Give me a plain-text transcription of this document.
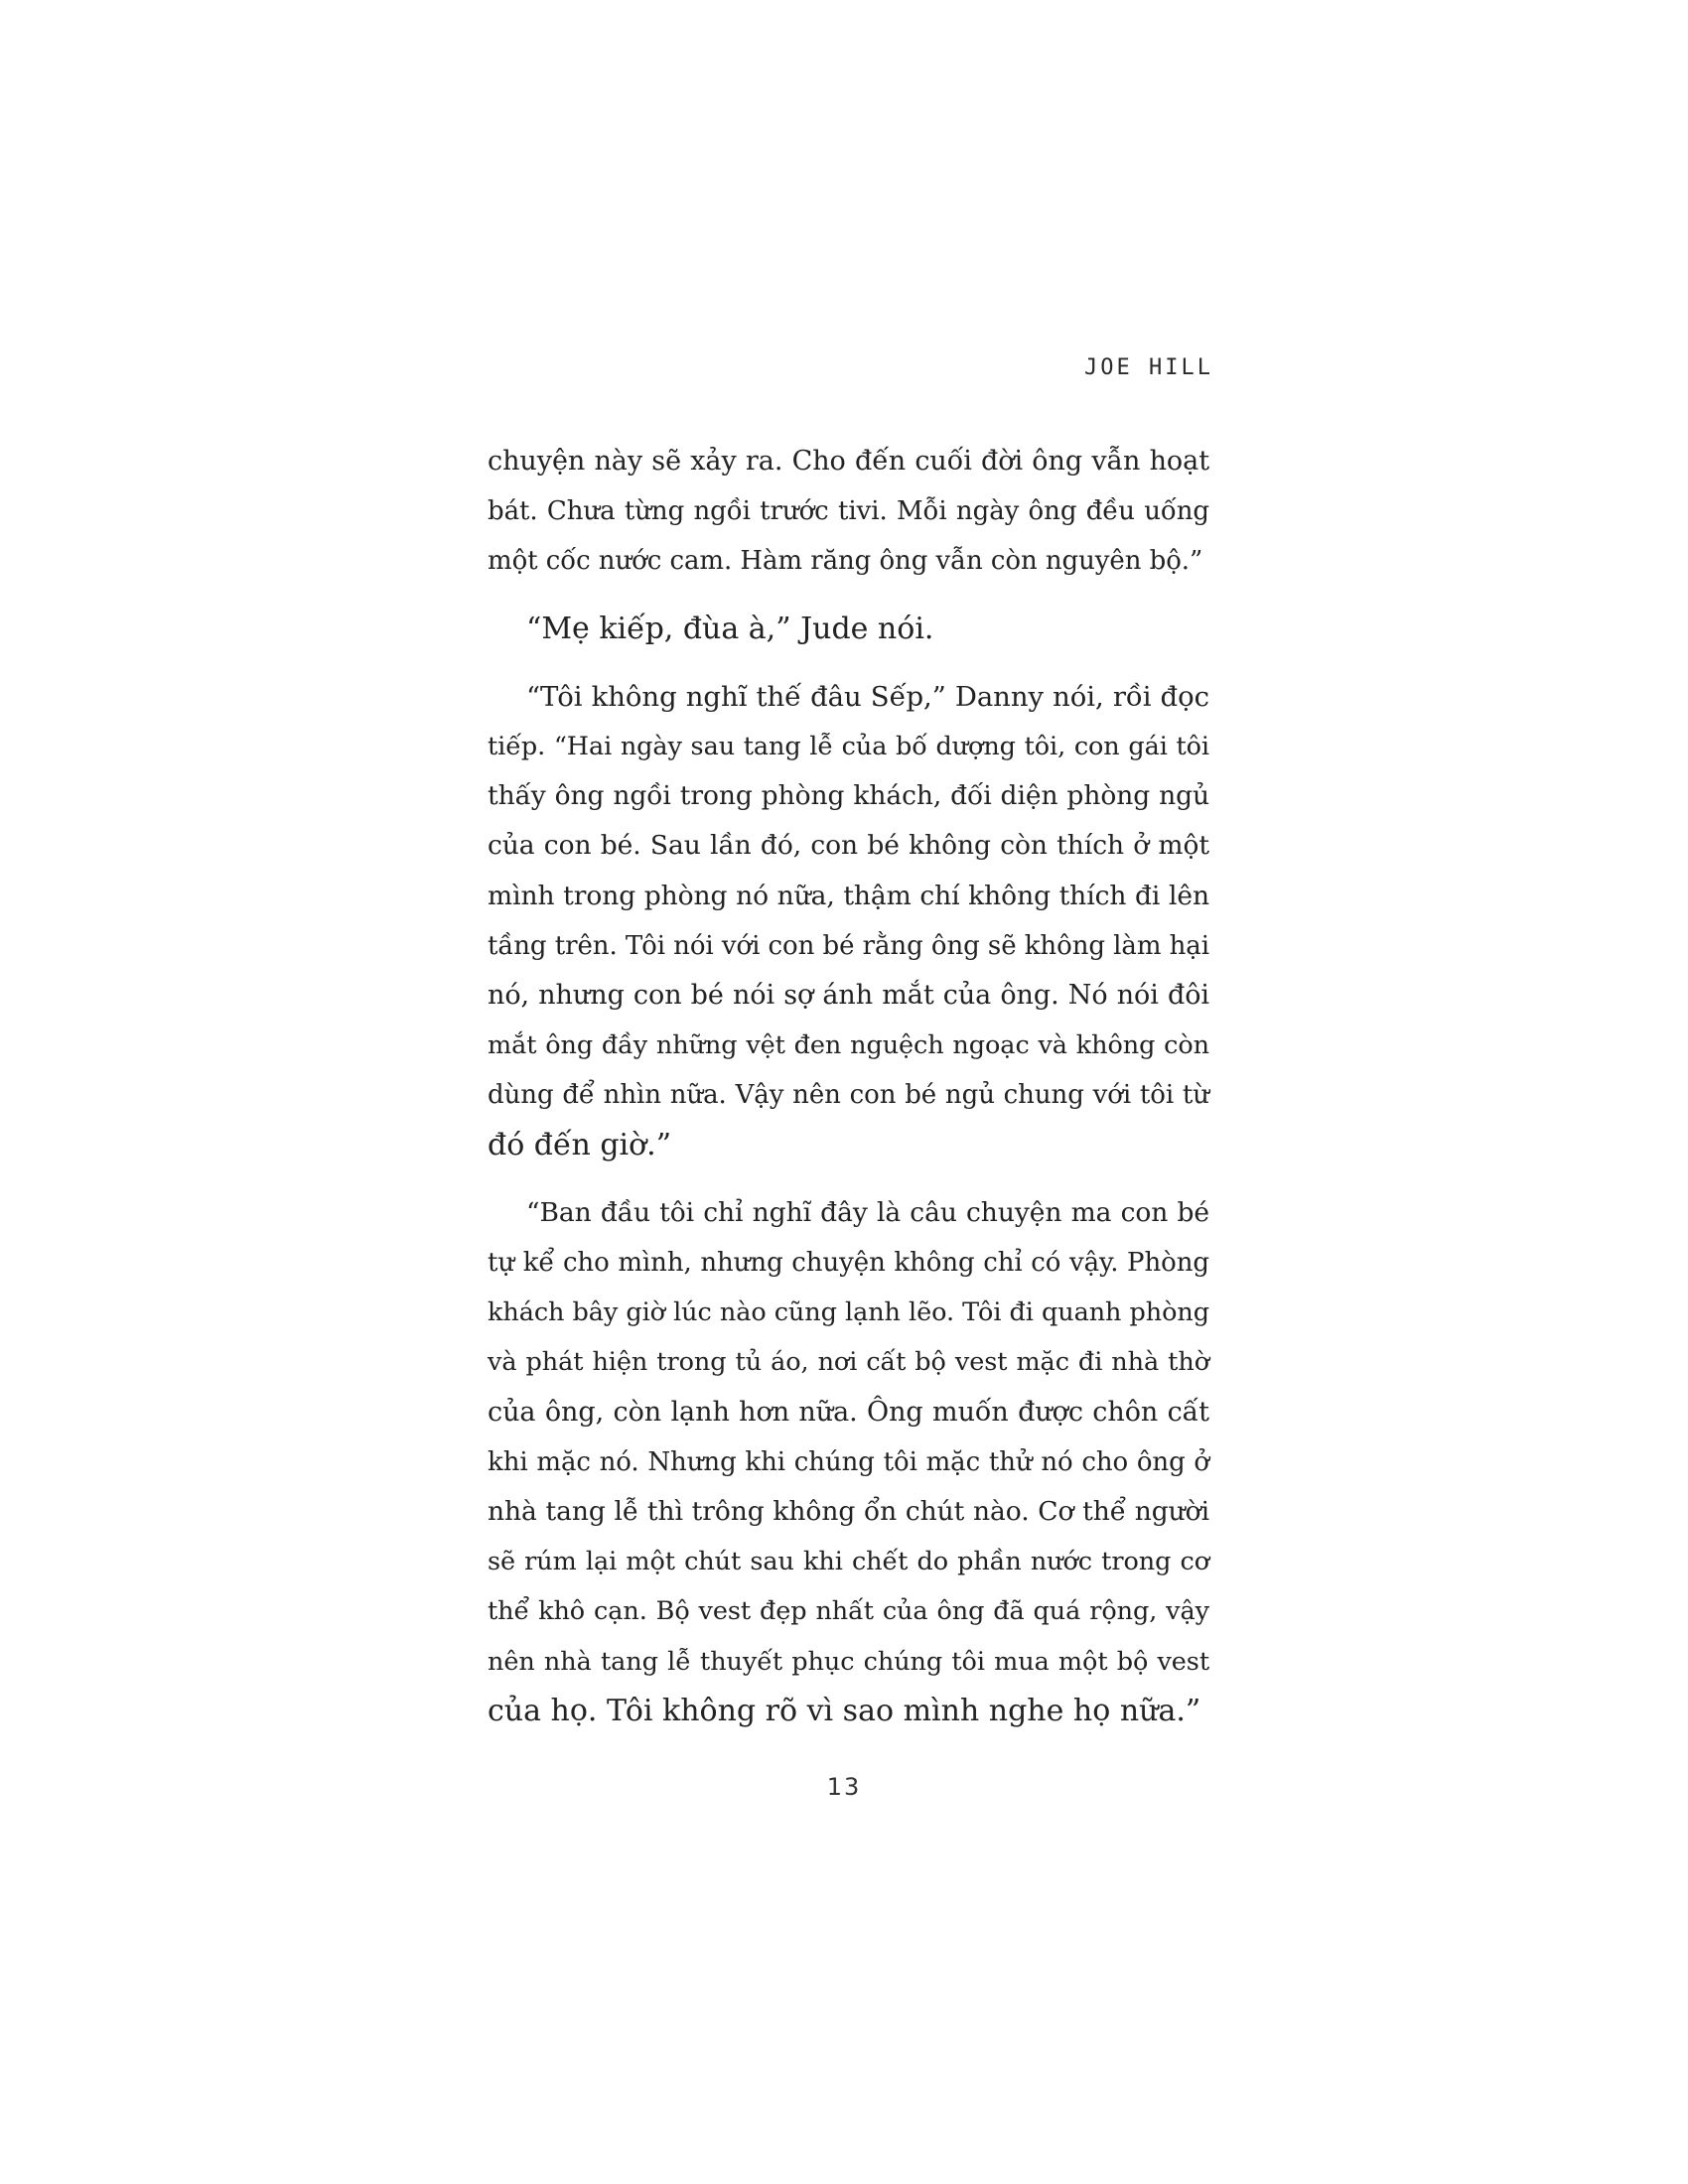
JOE HILL
chuyện này sẽ xảy ra. Cho đến cuối đời ông vẫn hoạt
bát. Chưa từng ngồi trước tivi. Mỗi ngày ông đều uống
một cốc nước cam. Hàm răng ông vẫn còn nguyên bộ.”
“Mẹ kiếp, đùa à,” Jude nói.
“Tôi không nghĩ thế đâu Sếp,” Danny nói, rồi đọc
tiếp. “Hai ngày sau tang lễ của bố dượng tôi, con gái tôi
thấy ông ngồi trong phòng khách, đối diện phòng ngủ
của con bé. Sau lần đó, con bé không còn thích ở một
mình trong phòng nó nữa, thậm chí không thích đi lên
tầng trên. Tôi nói với con bé rằng ông sẽ không làm hại
nó, nhưng con bé nói sợ ánh mắt của ông. Nó nói đôi
mắt ông đầy những vệt đen nguệch ngoạc và không còn
dùng để nhìn nữa. Vậy nên con bé ngủ chung với tôi từ
đó đến giờ.”
“Ban đầu tôi chỉ nghĩ đây là câu chuyện ma con bé
tự kể cho mình, nhưng chuyện không chỉ có vậy. Phòng
khách bây giờ lúc nào cũng lạnh lẽo. Tôi đi quanh phòng
và phát hiện trong tủ áo, nơi cất bộ vest mặc đi nhà thờ
của ông, còn lạnh hơn nữa. Ông muốn được chôn cất
khi mặc nó. Nhưng khi chúng tôi mặc thử nó cho ông ở
nhà tang lễ thì trông không ổn chút nào. Cơ thể người
sẽ rúm lại một chút sau khi chết do phần nước trong cơ
thể khô cạn. Bộ vest đẹp nhất của ông đã quá rộng, vậy
nên nhà tang lễ thuyết phục chúng tôi mua một bộ vest
của họ. Tôi không rõ vì sao mình nghe họ nữa.”
13
